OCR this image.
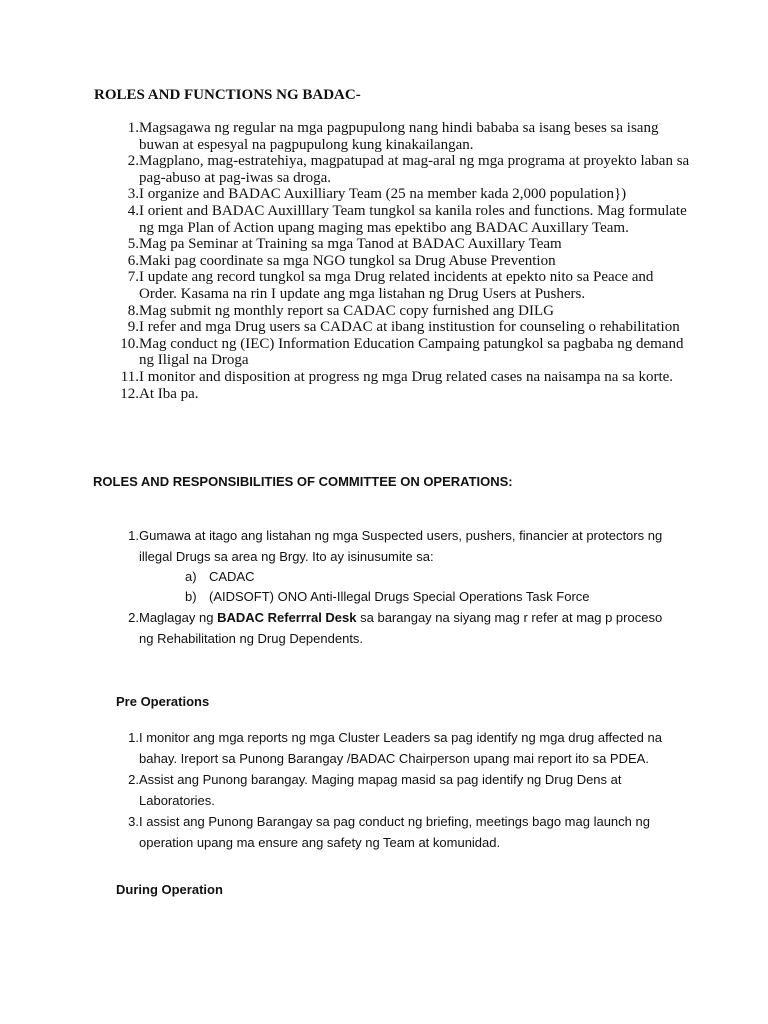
ROLES AND FUNCTIONS NG BADAC-
1. Magsagawa ng regular na mga pagpupulong nang hindi bababa sa isang beses sa isang buwan at espesyal na pagpupulong kung kinakailangan.
2. Magplano, mag-estratehiya, magpatupad at mag-aral ng mga programa at proyekto laban sa pag-abuso at pag-iwas sa droga.
3. I organize and BADAC Auxilliary Team (25 na member kada 2,000 population})
4. I orient and BADAC Auxilllary Team tungkol sa kanila roles and functions. Mag formulate ng mga Plan of Action upang maging mas epektibo ang BADAC Auxillary Team.
5. Mag pa Seminar at Training sa mga Tanod at BADAC Auxillary Team
6. Maki pag coordinate sa mga NGO tungkol sa Drug Abuse Prevention
7. I update ang record tungkol sa mga Drug related incidents at epekto nito sa Peace and Order. Kasama na rin I update ang mga listahan ng Drug Users at Pushers.
8. Mag submit ng monthly report sa CADAC copy furnished ang DILG
9. I refer and mga Drug users sa CADAC at ibang institustion for counseling o rehabilitation
10. Mag conduct ng (IEC) Information Education Campaing patungkol sa pagbaba ng demand ng Iligal na Droga
11. I monitor and disposition at progress ng mga Drug related cases na naisampa na sa korte.
12. At Iba pa.
ROLES AND RESPONSIBILITIES OF COMMITTEE ON OPERATIONS:
1. Gumawa at itago ang listahan ng mga Suspected users, pushers, financier at protectors ng illegal Drugs sa area ng Brgy. Ito ay isinusumite sa:
a) CADAC
b) (AIDSOFT) ONO Anti-Illegal Drugs Special Operations Task Force
2. Maglagay ng BADAC Referrral Desk sa barangay na siyang mag r refer at mag p proceso ng Rehabilitation ng Drug Dependents.
Pre Operations
1. I monitor ang mga reports ng mga Cluster Leaders sa pag identify ng mga drug affected na bahay. Ireport sa Punong Barangay /BADAC Chairperson upang mai report ito sa PDEA.
2. Assist ang Punong barangay. Maging mapag masid sa pag identify ng Drug Dens at Laboratories.
3. I assist ang Punong Barangay sa pag conduct ng briefing, meetings bago mag launch ng operation upang ma ensure ang safety ng Team at komunidad.
During Operation
